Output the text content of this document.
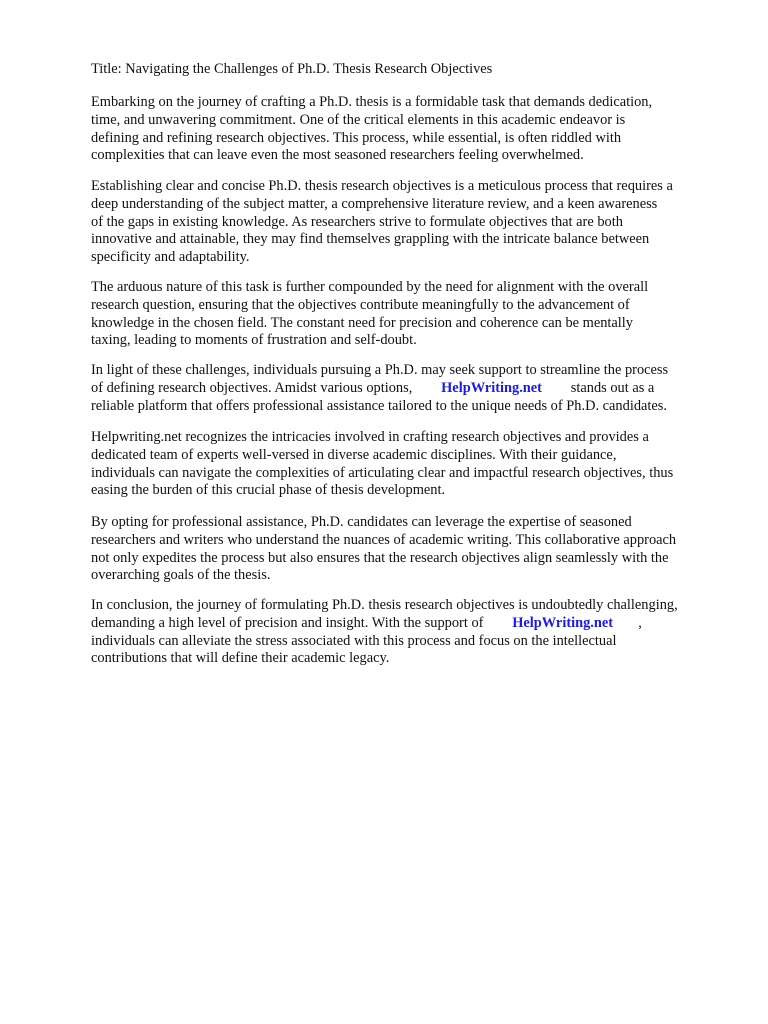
Title: Navigating the Challenges of Ph.D. Thesis Research Objectives

Embarking on the journey of crafting a Ph.D. thesis is a formidable task that demands dedication,
time, and unwavering commitment. One of the critical elements in this academic endeavor is
defining and refining research objectives. This process, while essential, is often riddled with
complexities that can leave even the most seasoned researchers feeling overwhelmed.

Establishing clear and concise Ph.D. thesis research objectives is a meticulous process that requires a
deep understanding of the subject matter, a comprehensive literature review, and a keen awareness
of the gaps in existing knowledge. As researchers strive to formulate objectives that are both
innovative and attainable, they may find themselves grappling with the intricate balance between
specificity and adaptability.

The arduous nature of this task is further compounded by the need for alignment with the overall
research question, ensuring that the objectives contribute meaningfully to the advancement of
knowledge in the chosen field. The constant need for precision and coherence can be mentally
taxing, leading to moments of frustration and self-doubt.

In light of these challenges, individuals pursuing a Ph.D. may seek support to streamline the process
of defining research objectives. Amidst various options,        HelpWriting.net        stands out as a
reliable platform that offers professional assistance tailored to the unique needs of Ph.D. candidates.

Helpwriting.net recognizes the intricacies involved in crafting research objectives and provides a
dedicated team of experts well-versed in diverse academic disciplines. With their guidance,
individuals can navigate the complexities of articulating clear and impactful research objectives, thus
easing the burden of this crucial phase of thesis development.

By opting for professional assistance, Ph.D. candidates can leverage the expertise of seasoned
researchers and writers who understand the nuances of academic writing. This collaborative approach
not only expedites the process but also ensures that the research objectives align seamlessly with the
overarching goals of the thesis.

In conclusion, the journey of formulating Ph.D. thesis research objectives is undoubtedly challenging,
demanding a high level of precision and insight. With the support of        HelpWriting.net       ,
individuals can alleviate the stress associated with this process and focus on the intellectual
contributions that will define their academic legacy.
